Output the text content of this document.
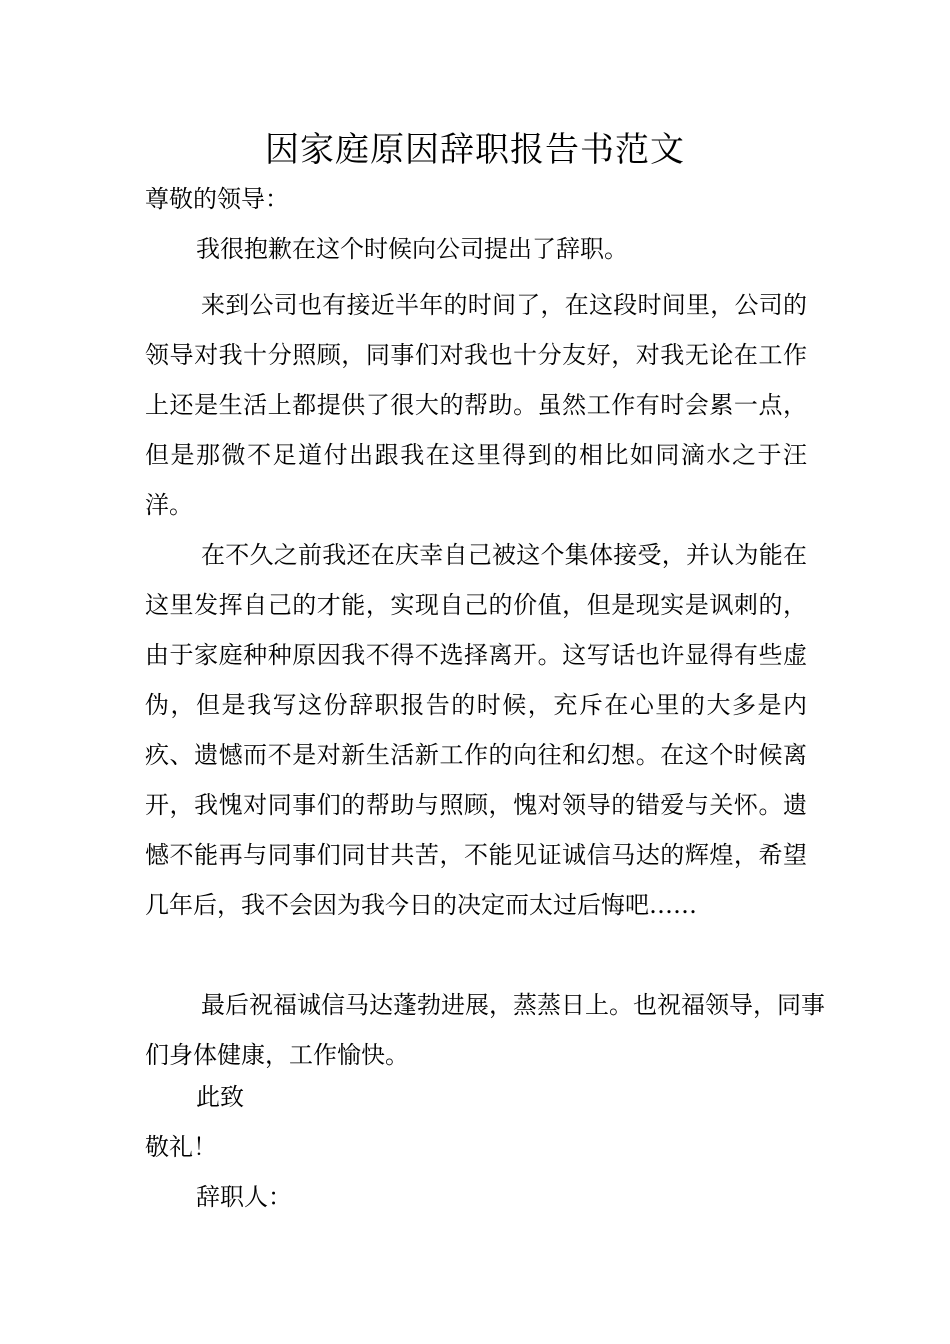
因家庭原因辞职报告书范文

尊敬的领导：

我很抱歉在这个时候向公司提出了辞职。

来到公司也有接近半年的时间了，在这段时间里，公司的领导对我十分照顾，同事们对我也十分友好，对我无论在工作上还是生活上都提供了很大的帮助。虽然工作有时会累一点，但是那微不足道付出跟我在这里得到的相比如同滴水之于汪洋。

在不久之前我还在庆幸自己被这个集体接受，并认为能在这里发挥自己的才能，实现自己的价值，但是现实是讽刺的，由于家庭种种原因我不得不选择离开。这写话也许显得有些虚伪，但是我写这份辞职报告的时候，充斥在心里的大多是内疚、遗憾而不是对新生活新工作的向往和幻想。在这个时候离开，我愧对同事们的帮助与照顾，愧对领导的错爱与关怀。遗憾不能再与同事们同甘共苦，不能见证诚信马达的辉煌，希望几年后，我不会因为我今日的决定而太过后悔吧……

最后祝福诚信马达蓬勃进展，蒸蒸日上。也祝福领导，同事们身体健康，工作愉快。

此致

敬礼！

辞职人：
